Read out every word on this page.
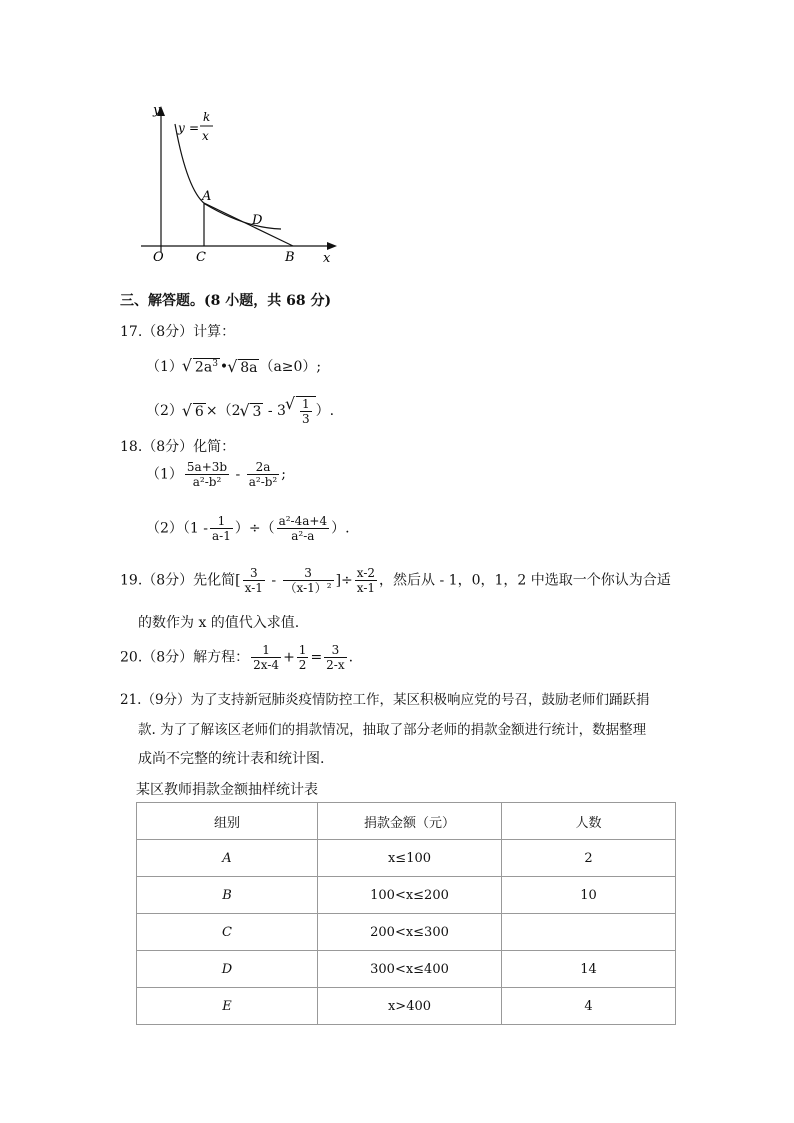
y
y =
k
x
A
D
O C	B x
三、解答题。(8 小题，共 68 分)
17.（8分）计算：
（1） √ $2a^3$ • √ 8a （a≥0）;
（2） √ 6 ×（2 √ 3 - 3 √ $\frac{1}{3}$ ）.
18.（8分）化简：
$(1) \frac{5a+3b}{\text{a²-b²}} - \frac{2a}{\text{a²-b²}}$ ;
$(2)(1 - \frac{1}{a-1}$ ）÷（ $\frac{\text{a²-4a+4}}{\text{a²-a}}$ ）.
19.（8分）先化简[ $\frac{3}{x-1} - \frac{3}{\text{（x-1）²}}$ ]÷ $\frac{x-2}{x-1}$ ，然后从 - 1，0，1，2 中选取一个你认为合适
的数作为 x 的值代入求值.
20.（8分）解方程： $\frac{1}{2x-4} + \frac{1}{2} = \frac{3}{2-x}$ .
21.（9分）为了支持新冠肺炎疫情防控工作，某区积极响应党的号召，鼓励老师们踊跃捐
款. 为了了解该区老师们的捐款情况，抽取了部分老师的捐款金额进行统计，数据整理
成尚不完整的统计表和统计图.
某区教师捐款金额抽样统计表
组别	捐款金额（元）	人数
A	x≤100	2
B	100<x≤200	10
C	200<x≤300	
D	300<x≤400	14
E	x>400	4
